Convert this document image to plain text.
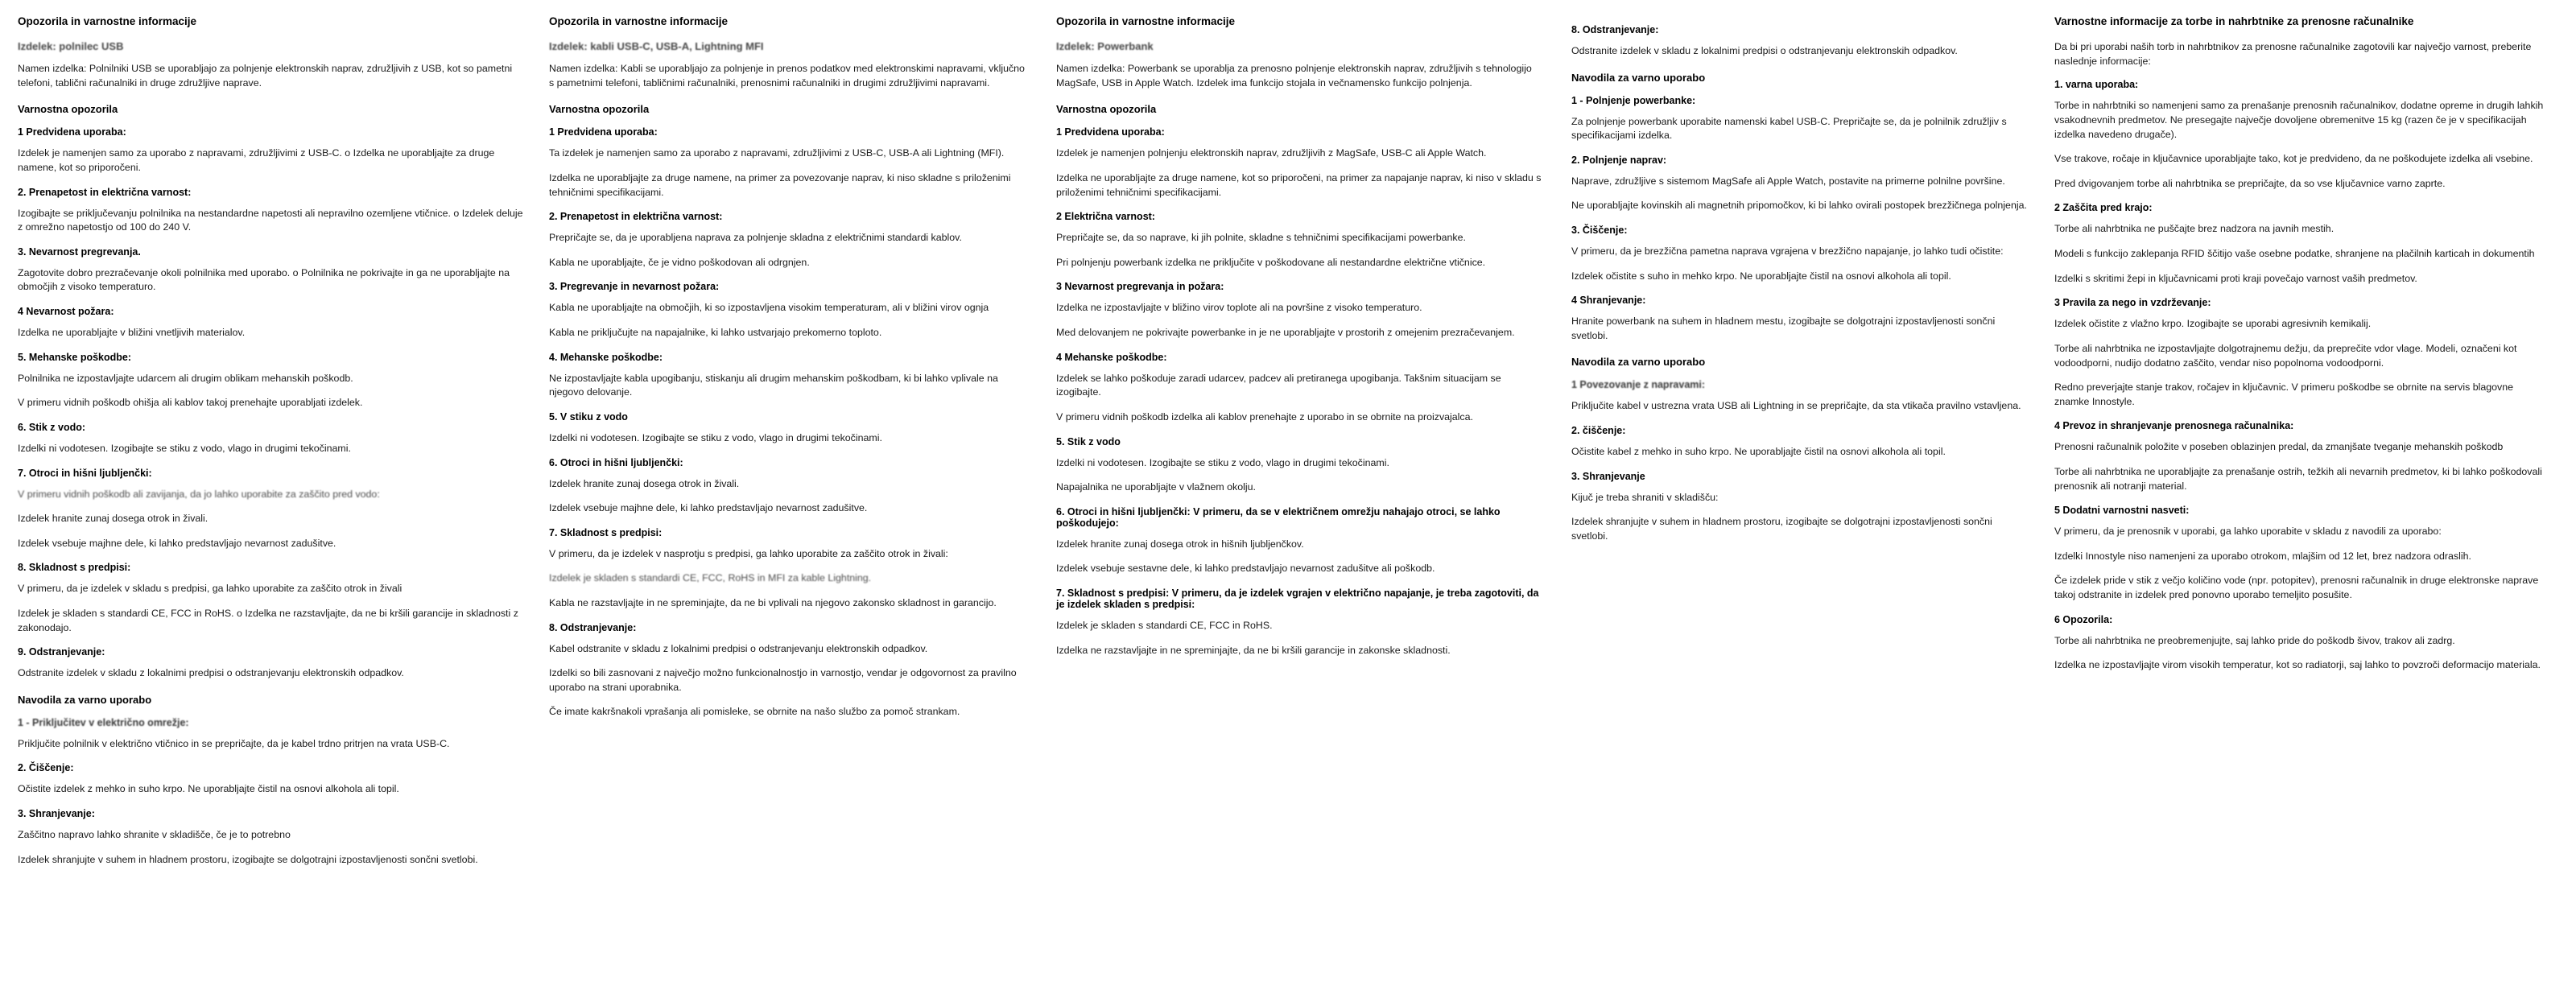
Opozorila in varnostne informacije
Izdelek: polnilec USB

Namen izdelka: Polnilniki USB se uporabljajo za polnjenje elektronskih naprav, združljivih z USB, kot so pametni telefoni, tablični računalniki in druge združljive naprave.

Varnostna opozorila
1 Predvidena uporaba:

Izdelek je namenjen samo za uporabo z napravami, združljivimi z USB-C. o Izdelka ne uporabljajte za druge namene, kot so priporočeni.

2. Prenapetost in električna varnost:

Izogibajte se priključevanju polnilnika na nestandardne napetosti ali nepravilno ozemljene vtičnice. o Izdelek deluje z omrežno napetostjo od 100 do 240 V.

3. Nevarnost pregrevanja.

Zagotovite dobro prezračevanje okoli polnilnika med uporabo. o Polnilnika ne pokrivajte in ga ne uporabljajte na območjih z visoko temperaturo.

4 Nevarnost požara:

Izdelka ne uporabljajte v bližini vnetljivih materialov.

5. Mehanske poškodbe:

Polnilnika ne izpostavljajte udarcem ali drugim oblikam mehanskih poškodb.

V primeru vidnih poškodb ohišja ali kablov takoj prenehajte uporabljati izdelek.

6. Stik z vodo:

Izdelki ni vodotesen. Izogibajte se stiku z vodo, vlago in drugimi tekočinami.

7. Otroci in hišni ljubljenčki:

V primeru vidnih poškodb ali zavijanja, da jo lahko uporabite za zaščito pred vodo:

Izdelek hranite zunaj dosega otrok in živali.

Izdelek vsebuje majhne dele, ki lahko predstavljajo nevarnost zadušitve.

8. Skladnost s predpisi:

V primeru, da je izdelek v skladu s predpisi, ga lahko uporabite za zaščito otrok in živali

Izdelek je skladen s standardi CE, FCC in RoHS. o Izdelka ne razstavljajte, da ne bi kršili garancije in skladnosti z zakonodajo.

9. Odstranjevanje:

Odstranite izdelek v skladu z lokalnimi predpisi o odstranjevanju elektronskih odpadkov.

Navodila za varno uporabo
1 - Priključitev v električno omrežje:

Priključite polnilnik v električno vtičnico in se prepričajte, da je kabel trdno pritrjen na vrata USB-C.

2. Čiščenje:

Očistite izdelek z mehko in suho krpo. Ne uporabljajte čistil na osnovi alkohola ali topil.

3. Shranjevanje:

Zaščitno napravo lahko shranite v skladišče, če je to potrebno

Izdelek shranjujte v suhem in hladnem prostoru, izogibajte se dolgotrajni izpostavljenosti sončni svetlobi.

Opozorila in varnostne informacije
Izdelek: kabli USB-C, USB-A, Lightning MFI

Namen izdelka: Kabli se uporabljajo za polnjenje in prenos podatkov med elektronskimi napravami, vključno s pametnimi telefoni, tabličnimi računalniki, prenosnimi računalniki in drugimi združljivimi napravami.

Varnostna opozorila
1 Predvidena uporaba:

Ta izdelek je namenjen samo za uporabo z napravami, združljivimi z USB-C, USB-A ali Lightning (MFI).

Izdelka ne uporabljajte za druge namene, na primer za povezovanje naprav, ki niso skladne s priloženimi tehničnimi specifikacijami.

2. Prenapetost in električna varnost:

Prepričajte se, da je uporabljena naprava za polnjenje skladna z električnimi standardi kablov.

Kabla ne uporabljajte, če je vidno poškodovan ali odrgnjen.

3. Pregrevanje in nevarnost požara:

Kabla ne uporabljajte na območjih, ki so izpostavljena visokim temperaturam, ali v bližini virov ognja

Kabla ne priključujte na napajalnike, ki lahko ustvarjajo prekomerno toploto.

4. Mehanske poškodbe:

Ne izpostavljajte kabla upogibanju, stiskanju ali drugim mehanskim poškodbam, ki bi lahko vplivale na njegovo delovanje.

5. V stiku z vodo

Izdelki ni vodotesen. Izogibajte se stiku z vodo, vlago in drugimi tekočinami.

6. Otroci in hišni ljubljenčki:

Izdelek hranite zunaj dosega otrok in živali.

Izdelek vsebuje majhne dele, ki lahko predstavljajo nevarnost zadušitve.

7. Skladnost s predpisi:

V primeru, da je izdelek v nasprotju s predpisi, ga lahko uporabite za zaščito otrok in živali:

Izdelek je skladen s standardi CE, FCC, RoHS in MFI za kable Lightning.

Kabla ne razstavljajte in ne spreminjajte, da ne bi vplivali na njegovo zakonsko skladnost in garancijo.

8. Odstranjevanje:

Kabel odstranite v skladu z lokalnimi predpisi o odstranjevanju elektronskih odpadkov.

Izdelki so bili zasnovani z največjo možno funkcionalnostjo in varnostjo, vendar je odgovornost za pravilno uporabo na strani uporabnika.

Če imate kakršnakoli vprašanja ali pomisleke, se obrnite na našo službo za pomoč strankam.

Opozorila in varnostne informacije
Izdelek: Powerbank

Namen izdelka: Powerbank se uporablja za prenosno polnjenje elektronskih naprav, združljivih s tehnologijo MagSafe, USB in Apple Watch. Izdelek ima funkcijo stojala in večnamensko funkcijo polnjenja.

Varnostna opozorila
1 Predvidena uporaba:

Izdelek je namenjen polnjenju elektronskih naprav, združljivih z MagSafe, USB-C ali Apple Watch.

Izdelka ne uporabljajte za druge namene, kot so priporočeni, na primer za napajanje naprav, ki niso v skladu s priloženimi tehničnimi specifikacijami.

2 Električna varnost:

Prepričajte se, da so naprave, ki jih polnite, skladne s tehničnimi specifikacijami powerbanke.

Pri polnjenju powerbank izdelka ne priključite v poškodovane ali nestandardne električne vtičnice.

3 Nevarnost pregrevanja in požara:

Izdelka ne izpostavljajte v bližino virov toplote ali na površine z visoko temperaturo.

Med delovanjem ne pokrivajte powerbanke in je ne uporabljajte v prostorih z omejenim prezračevanjem.

4 Mehanske poškodbe:

Izdelek se lahko poškoduje zaradi udarcev, padcev ali pretiranega upogibanja. Takšnim situacijam se izogibajte.

V primeru vidnih poškodb izdelka ali kablov prenehajte z uporabo in se obrnite na proizvajalca.

5. Stik z vodo

Izdelki ni vodotesen. Izogibajte se stiku z vodo, vlago in drugimi tekočinami.

Napajalnika ne uporabljajte v vlažnem okolju.

6. Otroci in hišni ljubljenčki: V primeru, da se v električnem omrežju nahajajo otroci, se lahko poškodujejo:

Izdelek hranite zunaj dosega otrok in hišnih ljubljenčkov.

Izdelek vsebuje sestavne dele, ki lahko predstavljajo nevarnost zadušitve ali poškodb.

7. Skladnost s predpisi: V primeru, da je izdelek vgrajen v električno napajanje, je treba zagotoviti, da je izdelek skladen s predpisi:

Izdelek je skladen s standardi CE, FCC in RoHS.

Izdelka ne razstavljajte in ne spreminjajte, da ne bi kršili garancije in zakonske skladnosti.

8. Odstranjevanje:

Odstranite izdelek v skladu z lokalnimi predpisi o odstranjevanju elektronskih odpadkov.

Navodila za varno uporabo
1 - Polnjenje powerbanke:

Za polnjenje powerbank uporabite namenski kabel USB-C. Prepričajte se, da je polnilnik združljiv s specifikacijami izdelka.

2. Polnjenje naprav:

Naprave, združljive s sistemom MagSafe ali Apple Watch, postavite na primerne polnilne površine.

Ne uporabljajte kovinskih ali magnetnih pripomočkov, ki bi lahko ovirali postopek brezžičnega polnjenja.

3. Čiščenje:

V primeru, da je brezžična pametna naprava vgrajena v brezžično napajanje, jo lahko tudi očistite:

Izdelek očistite s suho in mehko krpo. Ne uporabljajte čistil na osnovi alkohola ali topil.

4 Shranjevanje:

Hranite powerbank na suhem in hladnem mestu, izogibajte se dolgotrajni izpostavljenosti sončni svetlobi.

Navodila za varno uporabo
1 Povezovanje z napravami:

Priključite kabel v ustrezna vrata USB ali Lightning in se prepričajte, da sta vtikača pravilno vstavljena.

2. čiščenje:

Očistite kabel z mehko in suho krpo. Ne uporabljajte čistil na osnovi alkohola ali topil.

3. Shranjevanje

Kijuč je treba shraniti v skladišču:

Izdelek shranjujte v suhem in hladnem prostoru, izogibajte se dolgotrajni izpostavljenosti sončni svetlobi.

Varnostne informacije za torbe in nahrbtnike za prenosne računalnike

Da bi pri uporabi naših torb in nahrbtnikov za prenosne računalnike zagotovili kar največjo varnost, preberite naslednje informacije:

1. varna uporaba:

Torbe in nahrbtniki so namenjeni samo za prenašanje prenosnih računalnikov, dodatne opreme in drugih lahkih vsakodnevnih predmetov. Ne presegajte največje dovoljene obremenitve 15 kg (razen če je v specifikacijah izdelka navedeno drugače).

Vse trakove, ročaje in ključavnice uporabljajte tako, kot je predvideno, da ne poškodujete izdelka ali vsebine.

Pred dvigovanjem torbe ali nahrbtnika se prepričajte, da so vse ključavnice varno zaprte.

2 Zaščita pred krajo:

Torbe ali nahrbtnika ne puščajte brez nadzora na javnih mestih.

Modeli s funkcijo zaklepanja RFID ščitijo vaše osebne podatke, shranjene na plačilnih karticah in dokumentih

Izdelki s skritimi žepi in ključavnicami proti kraji povečajo varnost vaših predmetov.

3 Pravila za nego in vzdrževanje:

Izdelek očistite z vlažno krpo. Izogibajte se uporabi agresivnih kemikalij.

Torbe ali nahrbtnika ne izpostavljajte dolgotrajnemu dežju, da preprečite vdor vlage. Modeli, označeni kot vodoodporni, nudijo dodatno zaščito, vendar niso popolnoma vodoodporni.

Redno preverjajte stanje trakov, ročajev in ključavnic. V primeru poškodbe se obrnite na servis blagovne znamke Innostyle.

4 Prevoz in shranjevanje prenosnega računalnika:

Prenosni računalnik položite v poseben oblazinjen predal, da zmanjšate tveganje mehanskih poškodb

Torbe ali nahrbtnika ne uporabljajte za prenašanje ostrih, težkih ali nevarnih predmetov, ki bi lahko poškodovali prenosnik ali notranji material.

5 Dodatni varnostni nasveti:

V primeru, da je prenosnik v uporabi, ga lahko uporabite v skladu z navodili za uporabo:

Izdelki Innostyle niso namenjeni za uporabo otrokom, mlajšim od 12 let, brez nadzora odraslih.

Če izdelek pride v stik z večjo količino vode (npr. potopitev), prenosni računalnik in druge elektronske naprave takoj odstranite in izdelek pred ponovno uporabo temeljito posušite.

6 Opozorila:

Torbe ali nahrbtnika ne preobremenjujte, saj lahko pride do poškodb šivov, trakov ali zadrg.

Izdelka ne izpostavljajte virom visokih temperatur, kot so radiatorji, saj lahko to povzroči deformacijo materiala.
